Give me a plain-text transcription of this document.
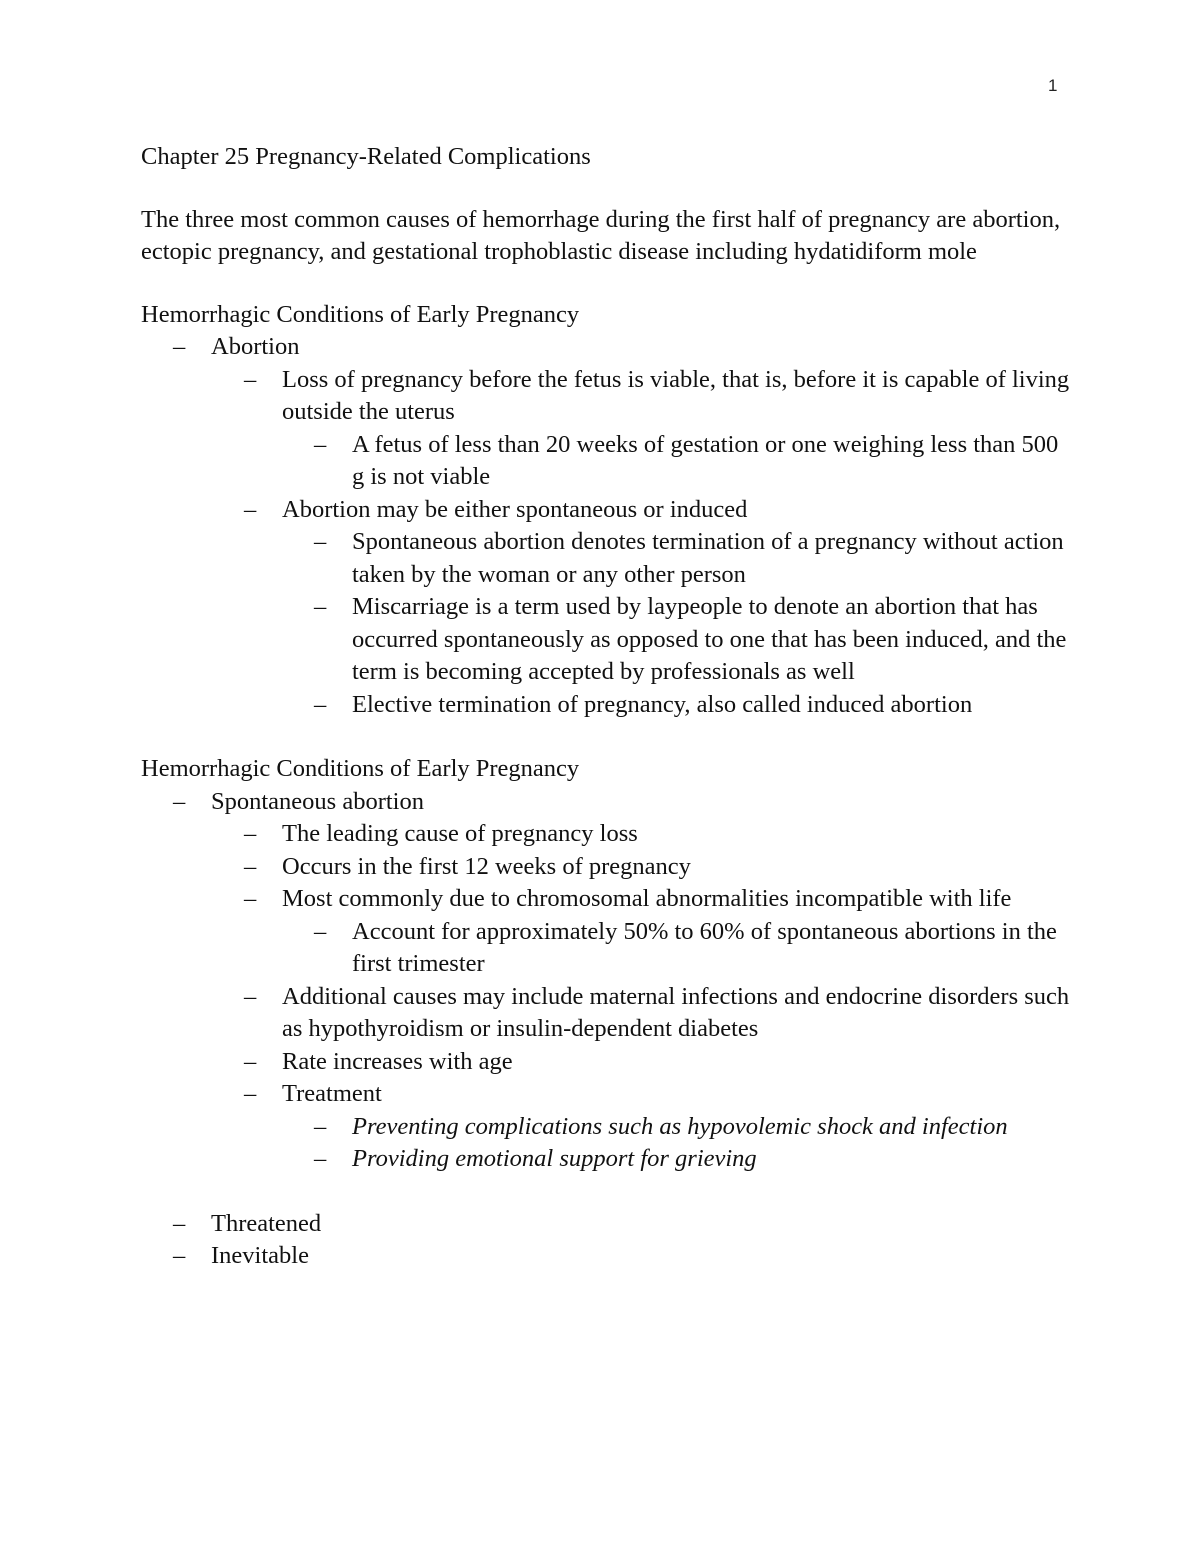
1

Chapter 25 Pregnancy-Related Complications

The three most common causes of hemorrhage during the first half of pregnancy are abortion, ectopic pregnancy, and gestational trophoblastic disease including hydatidiform mole

Hemorrhagic Conditions of Early Pregnancy

–	Abortion
–	Loss of pregnancy before the fetus is viable, that is, before it is capable of living outside the uterus
–	A fetus of less than 20 weeks of gestation or one weighing less than 500 g is not viable
–	Abortion may be either spontaneous or induced
–	Spontaneous abortion denotes termination of a pregnancy without action taken by the woman or any other person
–	Miscarriage is a term used by laypeople to denote an abortion that has occurred spontaneously as opposed to one that has been induced, and the term is becoming accepted by professionals as well
–	Elective termination of pregnancy, also called induced abortion

Hemorrhagic Conditions of Early Pregnancy

–	Spontaneous abortion
–	The leading cause of pregnancy loss
–	Occurs in the first 12 weeks of pregnancy
–	Most commonly due to chromosomal abnormalities incompatible with life
–	Account for approximately 50% to 60% of spontaneous abortions in the first trimester
–	Additional causes may include maternal infections and endocrine disorders such as hypothyroidism or insulin-dependent diabetes
–	Rate increases with age
–	Treatment
–	Preventing complications such as hypovolemic shock and infection
–	Providing emotional support for grieving
–	Threatened
–	Inevitable
